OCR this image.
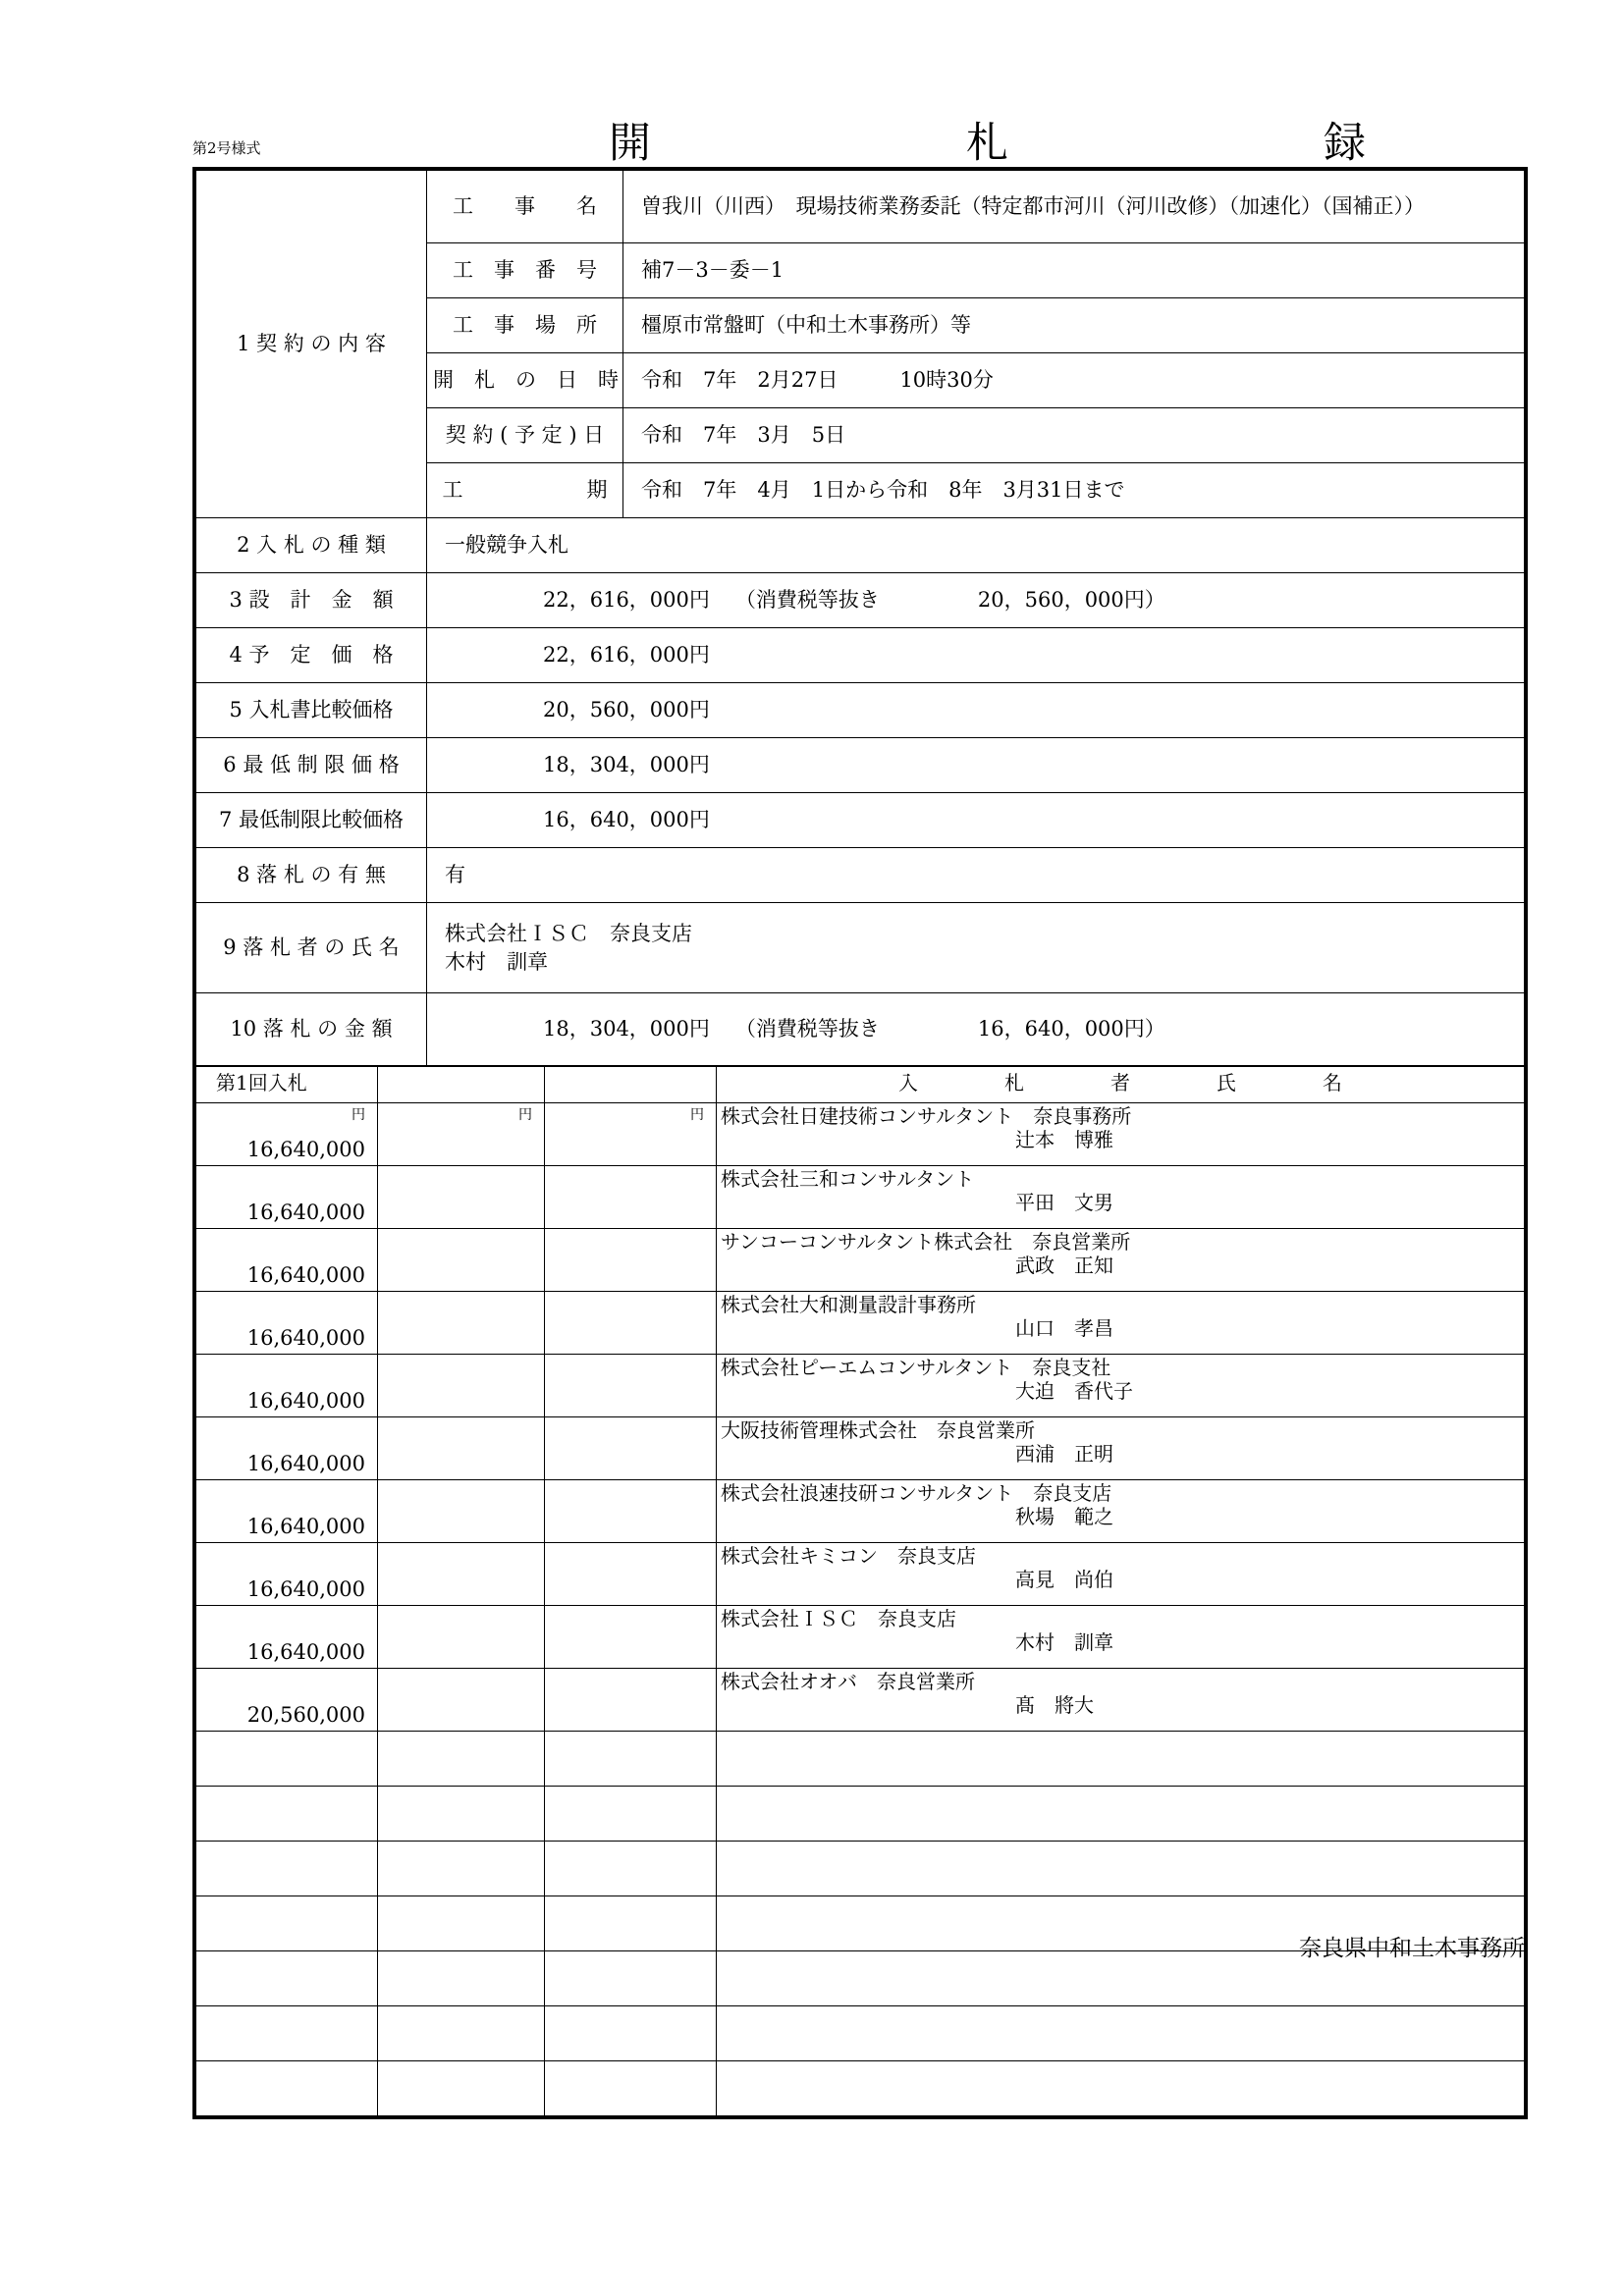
第2号様式	開　　　札　　　録
1 契 約 の 内 容	工　　事　　名	曽我川（川西）　現場技術業務委託（特定都市河川（河川改修）（加速化）（国補正））
	工　事　番　号	補7－3－委－1
	工　事　場　所	橿原市常盤町（中和土木事務所）等
	開　札　の　日　時	令和　7年　2月27日　　　10時30分
	契 約 ( 予 定 ) 日	令和　7年　3月　5日
	工　　　　　　期	令和　7年　4月　1日から令和　8年　3月31日まで
2 入 札 の 種 類	一般競争入札	
3 設　計　金　額	22，616，000円 （消費税等抜き 20，560，000円）	
4 予　定　価　格	22，616，000円	
5 入札書比較価格	20，560，000円	
6 最 低 制 限 価 格	18，304，000円	
7 最低制限比較価格	16，640，000円	
8 落 札 の 有 無	有	
9 落 札 者 の 氏 名	株式会社ＩＳＣ　奈良支店
木村　訓章	

10 落 札 の 金 額	18，304，000円 （消費税等抜き 16，640，000円）	
第1回入札			入　札　者　氏　名

円
16,640,000	円	円	株式会社日建技術コンサルタント　奈良事務所
辻本　博雅

16,640,000			株式会社三和コンサルタント
平田　文男

16,640,000			サンコーコンサルタント株式会社　奈良営業所
武政　正知

16,640,000			株式会社大和測量設計事務所
山口　孝昌

16,640,000			株式会社ピーエムコンサルタント　奈良支社
大迫　香代子

16,640,000			大阪技術管理株式会社　奈良営業所
西浦　正明

16,640,000			株式会社浪速技研コンサルタント　奈良支店
秋場　範之

16,640,000			株式会社キミコン　奈良支店
高見　尚伯

16,640,000			株式会社ＩＳＣ　奈良支店
木村　訓章

20,560,000			株式会社オオバ　奈良営業所
髙　將大

奈良県中和土木事務所
